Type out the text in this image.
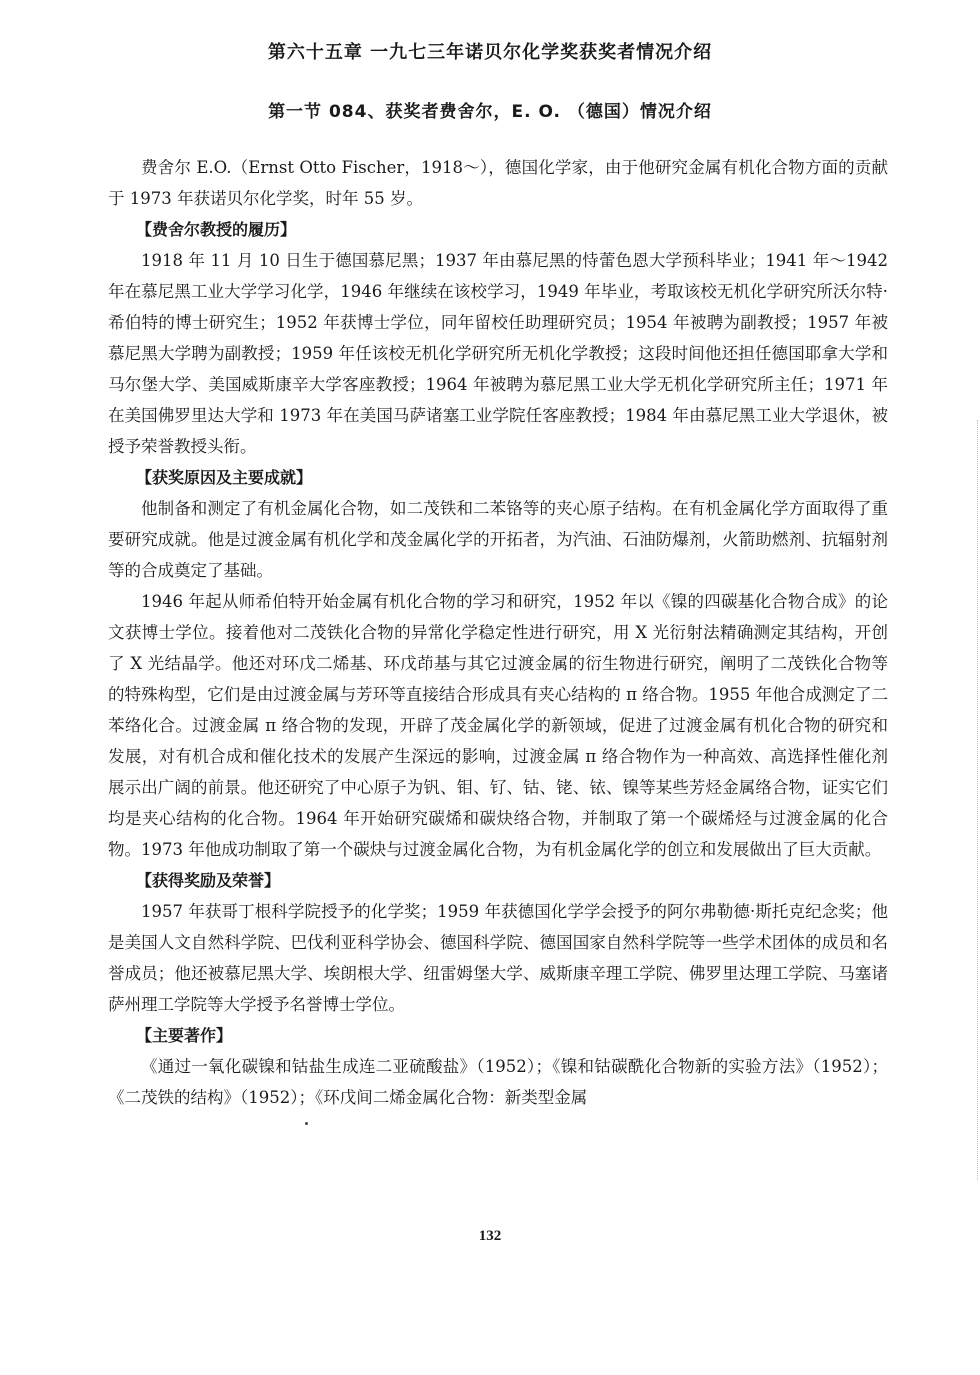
第六十五章 一九七三年诺贝尔化学奖获奖者情况介绍
第一节 084、获奖者费舍尔，E. O. （德国）情况介绍

费舍尔 E.O.（Ernst Otto Fischer，1918～），德国化学家，由于他研究金属有机化合物方面的贡献于 1973 年获诺贝尔化学奖，时年 55 岁。

【费舍尔教授的履历】

1918 年 11 月 10 日生于德国慕尼黑；1937 年由慕尼黑的恃蕾色恩大学预科毕业；1941 年～1942 年在慕尼黑工业大学学习化学，1946 年继续在该校学习，1949 年毕业，考取该校无机化学研究所沃尔特·希伯特的博士研究生；1952 年获博士学位，同年留校任助理研究员；1954 年被聘为副教授；1957 年被慕尼黑大学聘为副教授；1959 年任该校无机化学研究所无机化学教授；这段时间他还担任德国耶拿大学和马尔堡大学、美国威斯康辛大学客座教授；1964 年被聘为慕尼黑工业大学无机化学研究所主任；1971 年在美国佛罗里达大学和 1973 年在美国马萨诸塞工业学院任客座教授；1984 年由慕尼黑工业大学退休，被授予荣誉教授头衔。

【获奖原因及主要成就】

他制备和测定了有机金属化合物，如二茂铁和二苯铬等的夹心原子结构。在有机金属化学方面取得了重要研究成就。他是过渡金属有机化学和茂金属化学的开拓者，为汽油、石油防爆剂，火箭助燃剂、抗辐射剂等的合成奠定了基础。

1946 年起从师希伯特开始金属有机化合物的学习和研究，1952 年以《镍的四碳基化合物合成》的论文获博士学位。接着他对二茂铁化合物的异常化学稳定性进行研究，用 X 光衍射法精确测定其结构，开创了 X 光结晶学。他还对环戊二烯基、环戊茚基与其它过渡金属的衍生物进行研究，阐明了二茂铁化合物等的特殊构型，它们是由过渡金属与芳环等直接结合形成具有夹心结构的 π 络合物。1955 年他合成测定了二苯络化合。过渡金属 π 络合物的发现，开辟了茂金属化学的新领域，促进了过渡金属有机化合物的研究和发展，对有机合成和催化技术的发展产生深远的影响，过渡金属 π 络合物作为一种高效、高选择性催化剂展示出广阔的前景。他还研究了中心原子为钒、钼、钌、钴、铑、铱、镍等某些芳烃金属络合物，证实它们均是夹心结构的化合物。1964 年开始研究碳烯和碳炔络合物，并制取了第一个碳烯烃与过渡金属的化合物。1973 年他成功制取了第一个碳炔与过渡金属化合物，为有机金属化学的创立和发展做出了巨大贡献。

【获得奖励及荣誉】

1957 年获哥丁根科学院授予的化学奖；1959 年获德国化学学会授予的阿尔弗勒德·斯托克纪念奖；他是美国人文自然科学院、巴伐利亚科学协会、德国科学院、德国国家自然科学院等一些学术团体的成员和名誉成员；他还被慕尼黑大学、埃朗根大学、纽雷姆堡大学、威斯康辛理工学院、佛罗里达理工学院、马塞诸萨州理工学院等大学授予名誉博士学位。

【主要著作】

《通过一氧化碳镍和钴盐生成连二亚硫酸盐》（1952）；《镍和钴碳酰化合物新的实验方法》（1952）；《二茂铁的结构》（1952）；《环戊间二烯金属化合物：新类型金属

132
